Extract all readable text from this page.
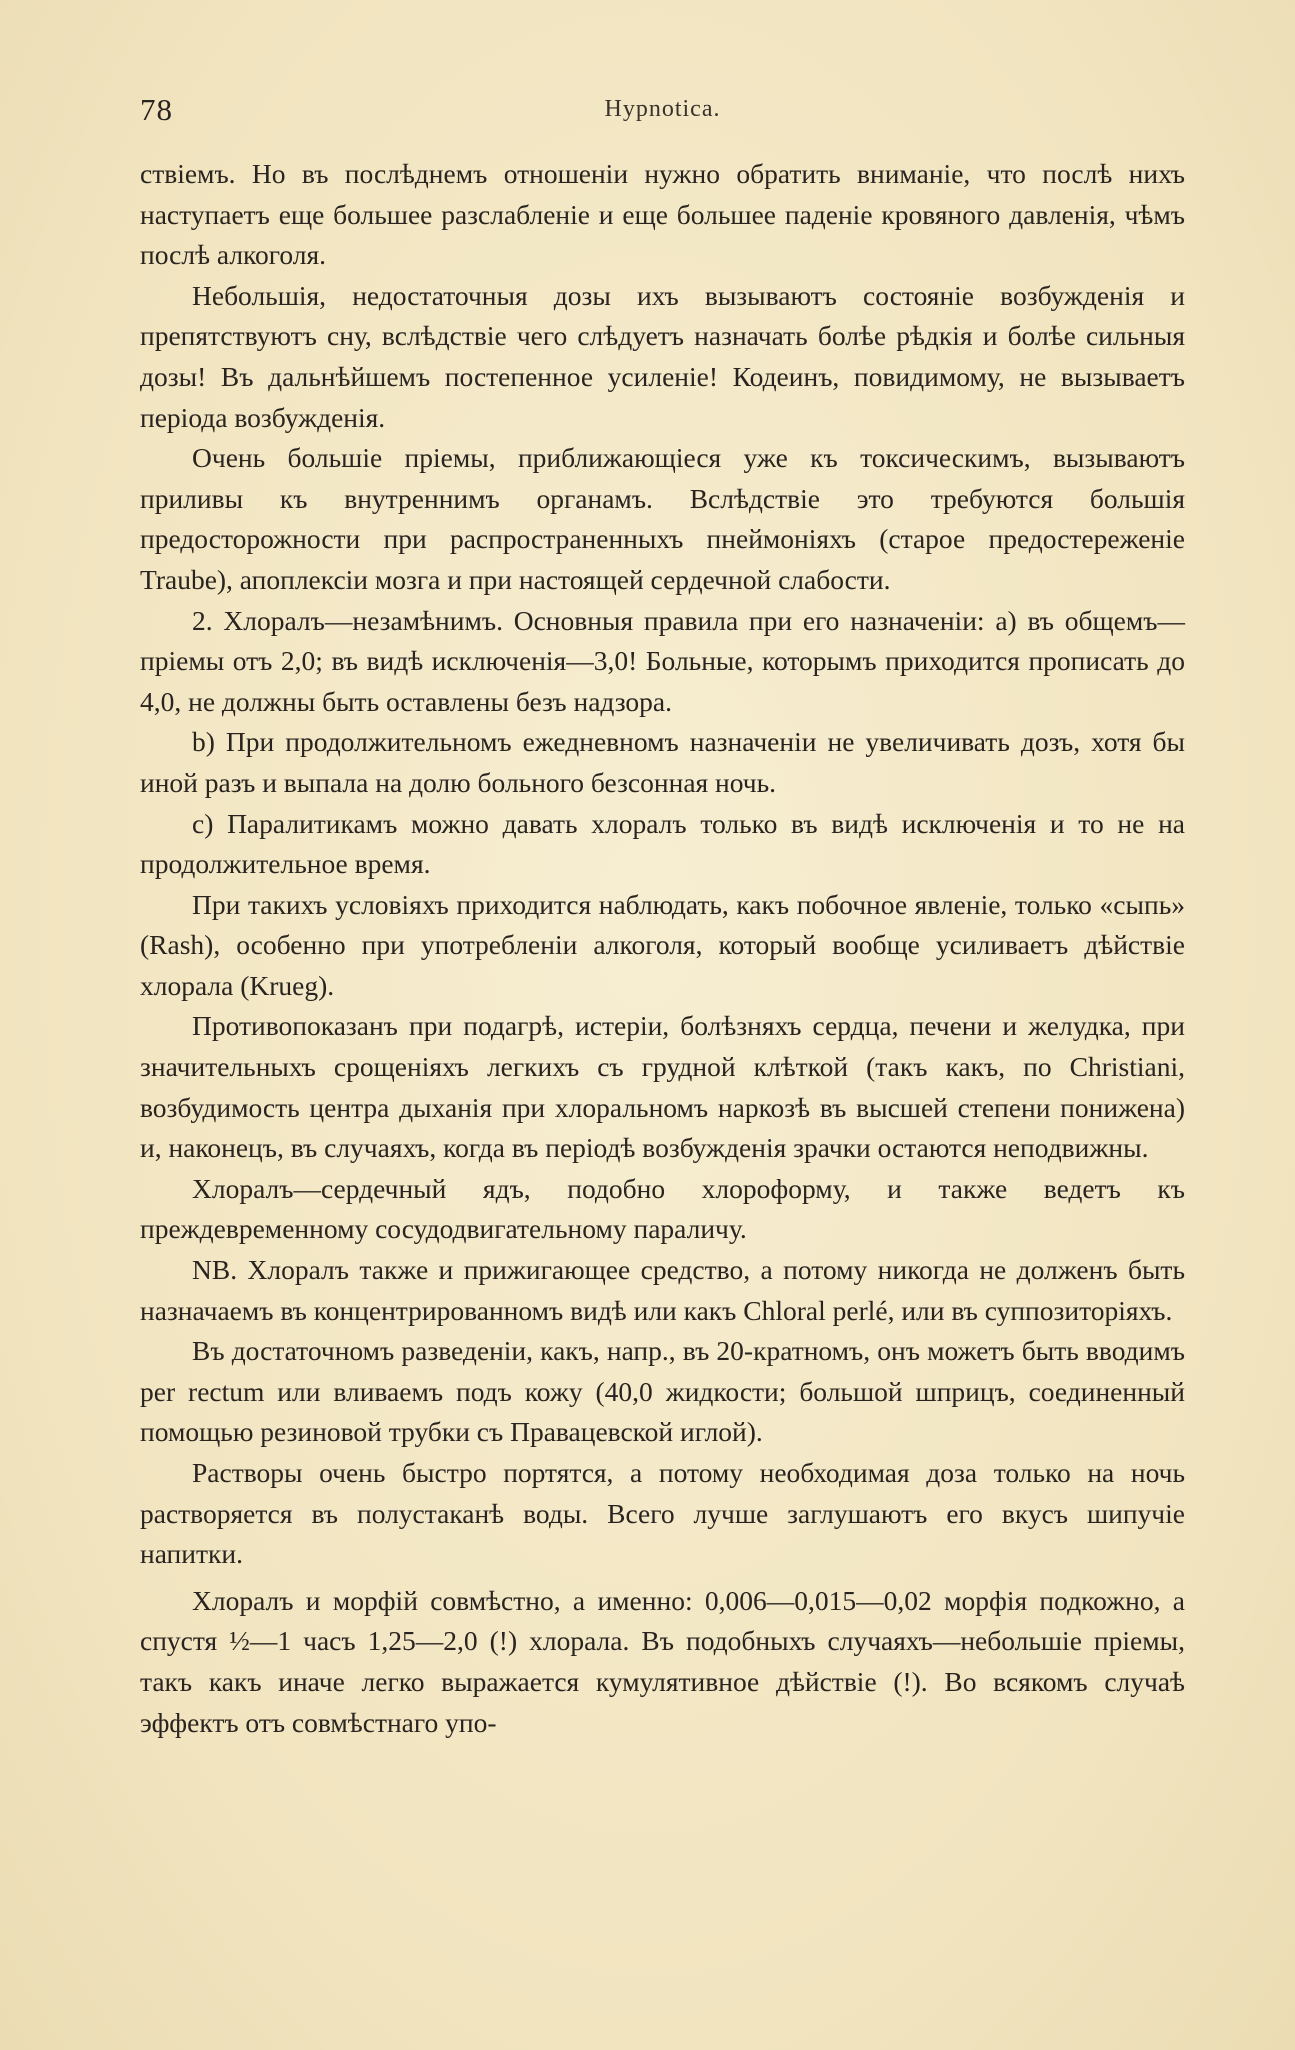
78	Hypnotica.

ствіемъ. Но въ послѣднемъ отношеніи нужно обратить вниманіе, что послѣ нихъ наступаетъ еще большее разслабленіе и еще большее паденіе кровяного давленія, чѣмъ послѣ алкоголя.

Небольшія, недостаточныя дозы ихъ вызываютъ состояніе возбужденія и препятствуютъ сну, вслѣдствіе чего слѣдуетъ назначать болѣе рѣдкія и болѣе сильныя дозы! Въ дальнѣйшемъ постепенное усиленіе! Кодеинъ, повидимому, не вызываетъ періода возбужденія.

Очень большіе пріемы, приближающіеся уже къ токсическимъ, вызываютъ приливы къ внутреннимъ органамъ. Вслѣдствіе это требуются большія предосторожности при распространенныхъ пнеймоніяхъ (старое предостереженіе Traube), апоплексіи мозга и при настоящей сердечной слабости.

2. Хлоралъ—незамѣнимъ. Основныя правила при его назначеніи: a) въ общемъ—пріемы отъ 2,0; въ видѣ исключенія—3,0! Больные, которымъ приходится прописать до 4,0, не должны быть оставлены безъ надзора.

b) При продолжительномъ ежедневномъ назначеніи не увеличивать дозъ, хотя бы иной разъ и выпала на долю больного безсонная ночь.

c) Паралитикамъ можно давать хлоралъ только въ видѣ исключенія и то не на продолжительное время.

При такихъ условіяхъ приходится наблюдать, какъ побочное явленіе, только «сыпь» (Rash), особенно при употребленіи алкоголя, который вообще усиливаетъ дѣйствіе хлорала (Krueg).

Противопоказанъ при подагрѣ, истеріи, болѣзняхъ сердца, печени и желудка, при значительныхъ срощеніяхъ легкихъ съ грудной клѣткой (такъ какъ, по Christiani, возбудимость центра дыханія при хлоральномъ наркозѣ въ высшей степени понижена) и, наконецъ, въ случаяхъ, когда въ періодѣ возбужденія зрачки остаются неподвижны.

Хлоралъ—сердечный ядъ, подобно хлороформу, и также ведетъ къ преждевременному сосудодвигательному параличу.

NB. Хлоралъ также и прижигающее средство, а потому никогда не долженъ быть назначаемъ въ концентрированномъ видѣ или какъ Chloral perlé, или въ суппозиторіяхъ.

Въ достаточномъ разведеніи, какъ, напр., въ 20-кратномъ, онъ можетъ быть вводимъ per rectum или вливаемъ подъ кожу (40,0 жидкости; большой шприцъ, соединенный помощью резиновой трубки съ Правацевской иглой).

Растворы очень быстро портятся, а потому необходимая доза только на ночь растворяется въ полустаканѣ воды. Всего лучше заглушаютъ его вкусъ шипучіе напитки.

Хлоралъ и морфій совмѣстно, а именно: 0,006—0,015—0,02 морфія подкожно, а спустя ½—1 часъ 1,25—2,0 (!) хлорала. Въ подобныхъ случаяхъ—небольшіе пріемы, такъ какъ иначе легко выражается кумулятивное дѣйствіе (!). Во всякомъ случаѣ эффектъ отъ совмѣстнаго упо-
